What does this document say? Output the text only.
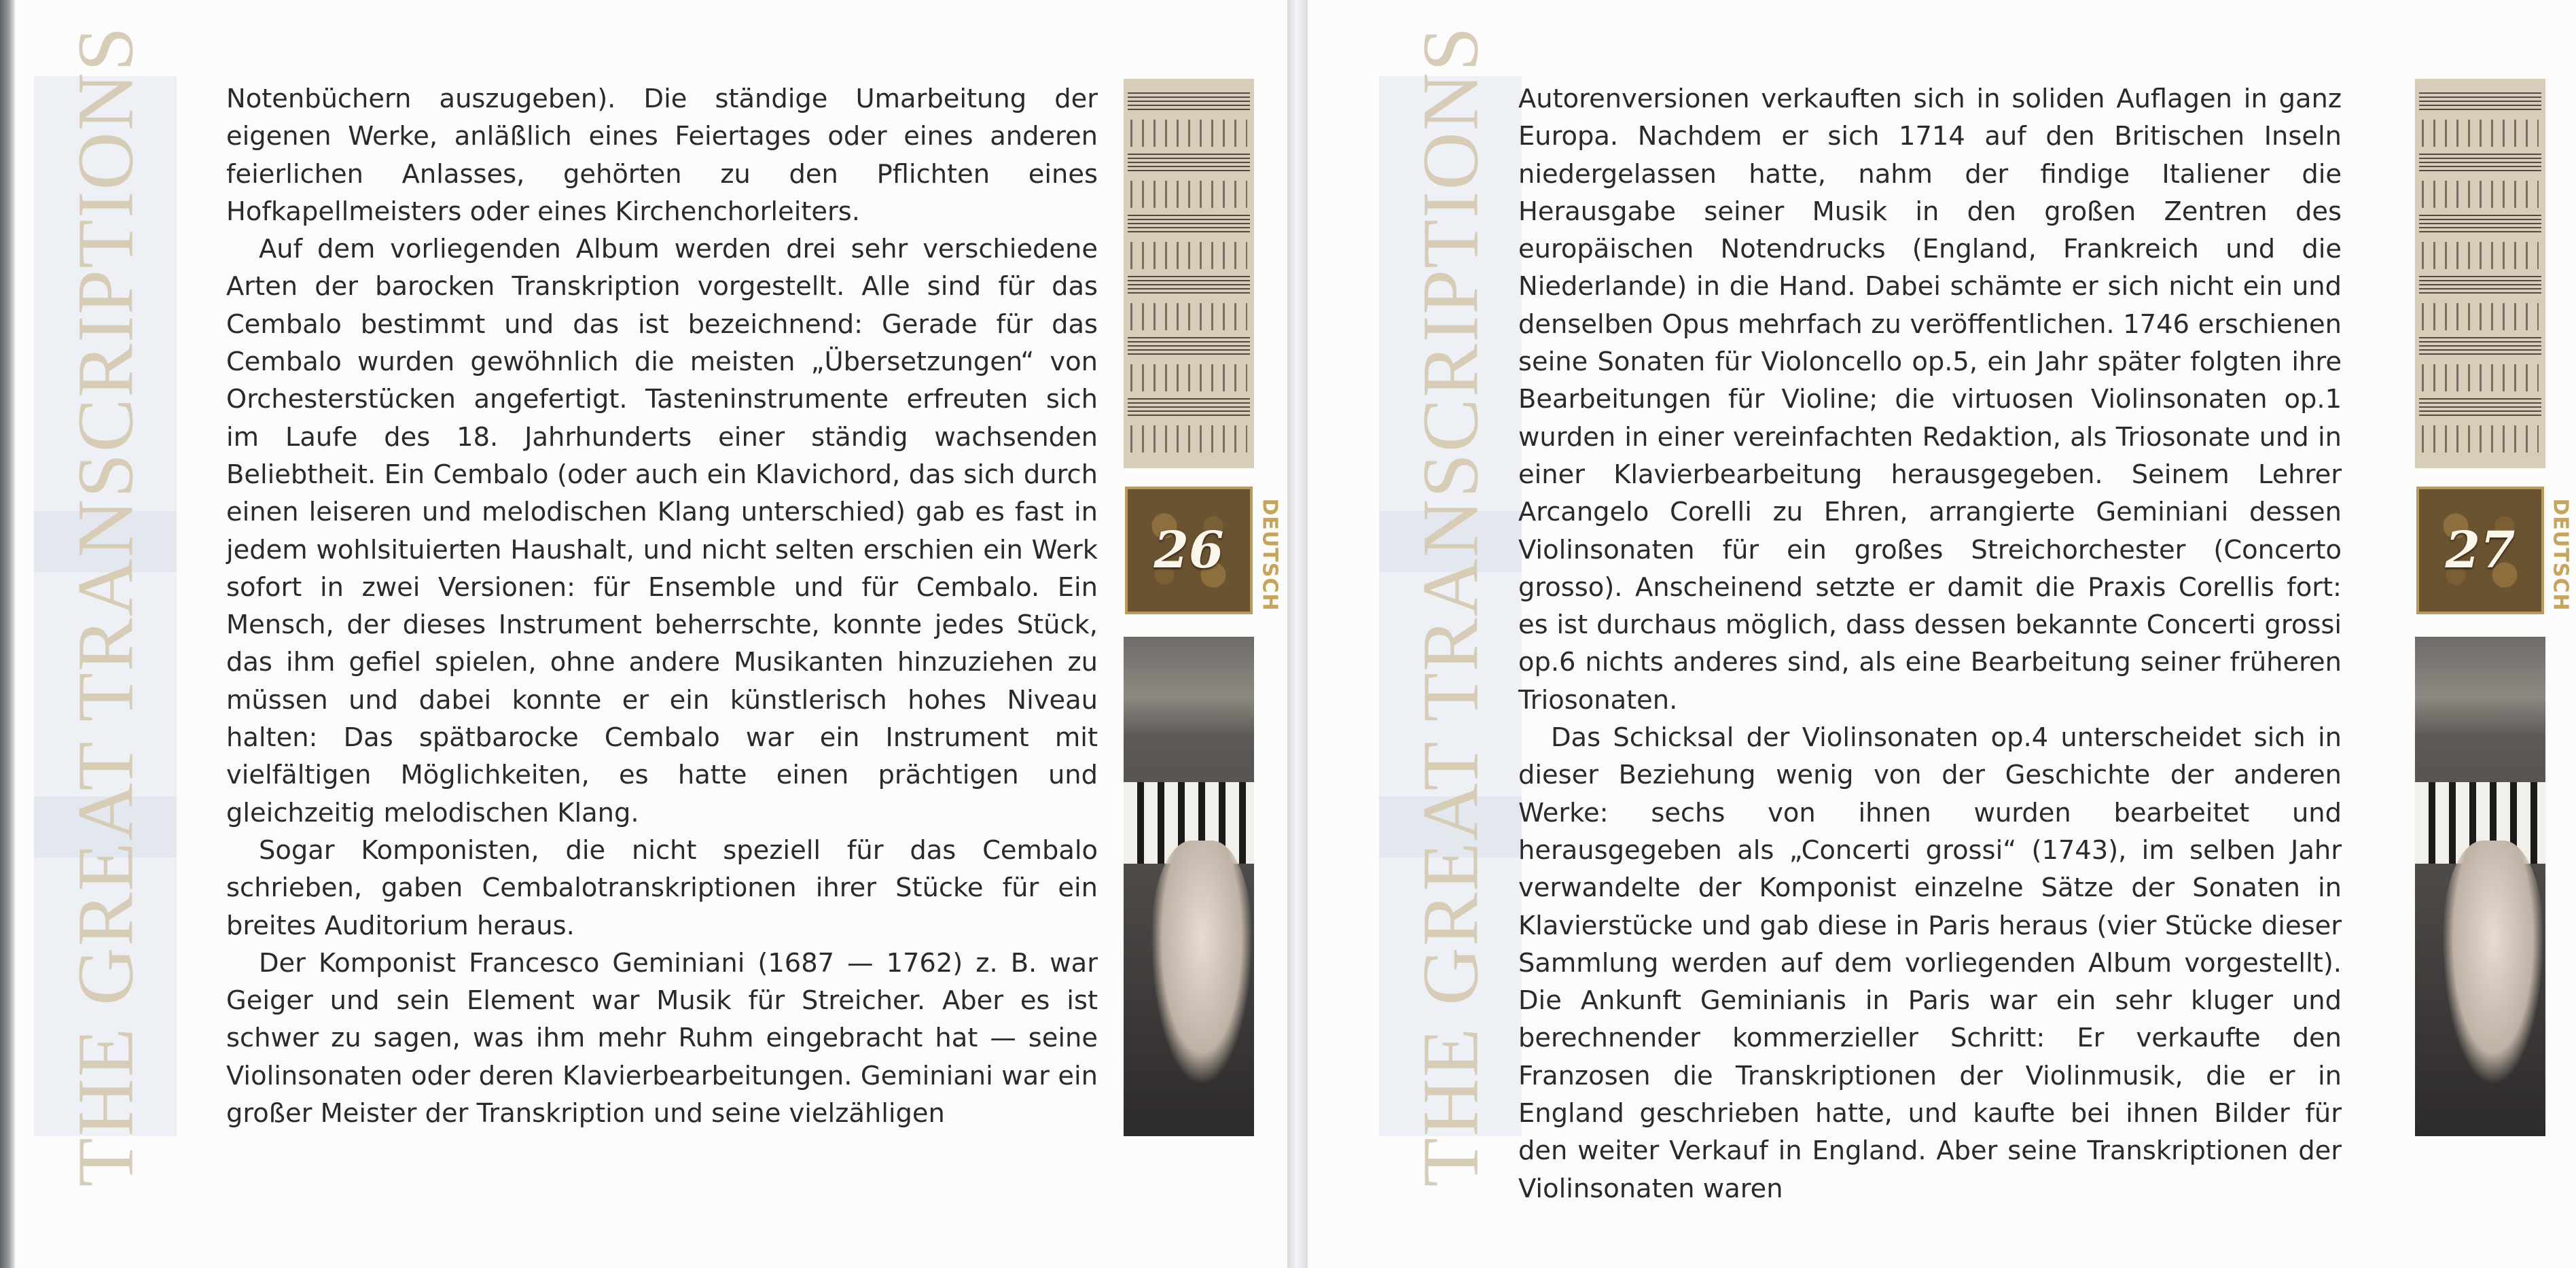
THE GREAT TRANSCRIPTIONS	Notenbüchern auszugeben). Die ständige Umarbeitung der eigenen Werke, anläßlich eines Feiertages oder eines anderen feierlichen Anlasses, gehörten zu den Pflichten eines Hofkapellmeisters oder eines Kirchenchorleiters.

Auf dem vorliegenden Album werden drei sehr verschiedene Arten der barocken Transkription vorgestellt. Alle sind für das Cembalo bestimmt und das ist bezeichnend: Gerade für das Cembalo wurden gewöhnlich die meisten „Übersetzungen“ von Orchesterstücken angefertigt. Tasteninstrumente erfreuten sich im Laufe des 18. Jahrhunderts einer ständig wachsenden Beliebtheit. Ein Cembalo (oder auch ein Klavichord, das sich durch einen leiseren und melodischen Klang unterschied) gab es fast in jedem wohlsituierten Haushalt, und nicht selten erschien ein Werk sofort in zwei Versionen: für Ensemble und für Cembalo. Ein Mensch, der dieses Instrument beherrschte, konnte jedes Stück, das ihm gefiel spielen, ohne andere Musikanten hinzuziehen zu müssen und dabei konnte er ein künstlerisch hohes Niveau halten: Das spätbarocke Cembalo war ein Instrument mit vielfältigen Möglichkeiten, es hatte einen prächtigen und gleichzeitig melodischen Klang.

Sogar Komponisten, die nicht speziell für das Cembalo schrieben, gaben Cembalotranskriptionen ihrer Stücke für ein breites Auditorium heraus.

Der Komponist Francesco Geminiani (1687 — 1762) z. B. war Geiger und sein Element war Musik für Streicher. Aber es ist schwer zu sagen, was ihm mehr Ruhm eingebracht hat — seine Violinsonaten oder deren Klavierbearbeitungen. Geminiani war ein großer Meister der Transkription und seine vielzähligen

26 DEUTSCH THE GREAT TRANSCRIPTIONS Autorenversionen verkauften sich in soliden Auflagen in ganz Europa. Nachdem er sich 1714 auf den Britischen Inseln niedergelassen hatte, nahm der findige Italiener die Herausgabe seiner Musik in den großen Zentren des europäischen Notendrucks (England, Frankreich und die Niederlande) in die Hand. Dabei schämte er sich nicht ein und denselben Opus mehrfach zu veröffentlichen. 1746 erschienen seine Sonaten für Violoncello op.5, ein Jahr später folgten ihre Bearbeitungen für Violine; die virtuosen Violinsonaten op.1 wurden in einer vereinfachten Redaktion, als Triosonate und in einer Klavierbearbeitung herausgegeben. Seinem Lehrer Arcangelo Corelli zu Ehren, arrangierte Geminiani dessen Violinsonaten für ein großes Streichorchester (Concerto grosso). Anscheinend setzte er damit die Praxis Corellis fort: es ist durchaus möglich, dass dessen bekannte Concerti grossi op.6 nichts anderes sind, als eine Bearbeitung seiner früheren Triosonaten.

Das Schicksal der Violinsonaten op.4 unterscheidet sich in dieser Beziehung wenig von der Geschichte der anderen Werke: sechs von ihnen wurden bearbeitet und herausgegeben als „Concerti grossi“ (1743), im selben Jahr verwandelte der Komponist einzelne Sätze der Sonaten in Klavierstücke und gab diese in Paris heraus (vier Stücke dieser Sammlung werden auf dem vorliegenden Album vorgestellt). Die Ankunft Geminianis in Paris war ein sehr kluger und berechnender kommerzieller Schritt: Er verkaufte den Franzosen die Transkriptionen der Violinmusik, die er in England geschrieben hatte, und kaufte bei ihnen Bilder für den weiter Verkauf in England. Aber seine Transkriptionen der Violinsonaten waren

27 DEUTSCH
